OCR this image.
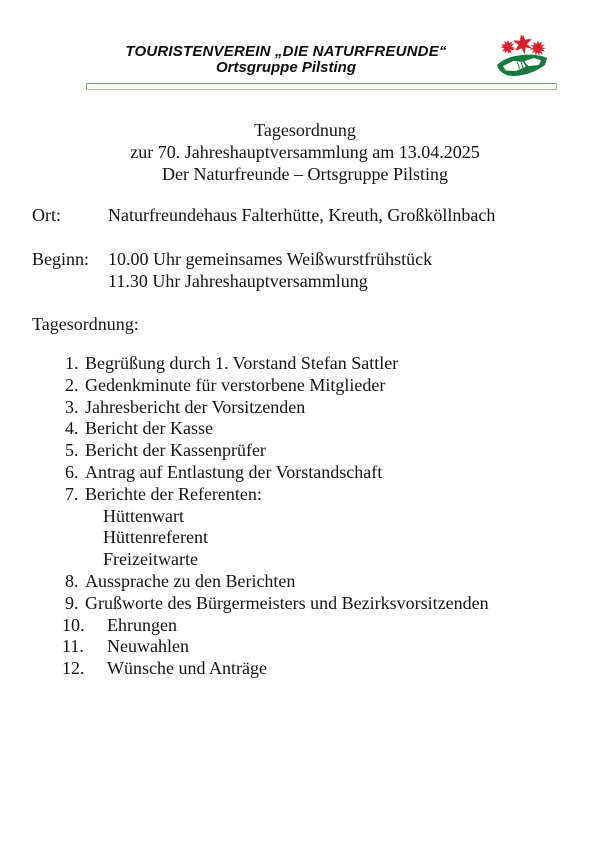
TOURISTENVEREIN „DIE NATURFREUNDE“
Ortsgruppe Pilsting
Tagesordnung
zur 70. Jahreshauptversammlung am 13.04.2025
Der Naturfreunde – Ortsgruppe Pilsting
Ort:	Naturfreundehaus Falterhütte, Kreuth, Großköllnbach
Beginn:	10.00 Uhr gemeinsames Weißwurstfrühstück
11.30 Uhr Jahreshauptversammlung
Tagesordnung:
1. Begrüßung durch 1. Vorstand Stefan Sattler
2. Gedenkminute für verstorbene Mitglieder
3. Jahresbericht der Vorsitzenden
4. Bericht der Kasse
5. Bericht der Kassenprüfer
6. Antrag auf Entlastung der Vorstandschaft
7. Berichte der Referenten:
Hüttenwart
Hüttenreferent
Freizeitwarte
8. Aussprache zu den Berichten
9. Grußworte des Bürgermeisters und Bezirksvorsitzenden
10.	Ehrungen
11.	Neuwahlen
12.	Wünsche und Anträge
